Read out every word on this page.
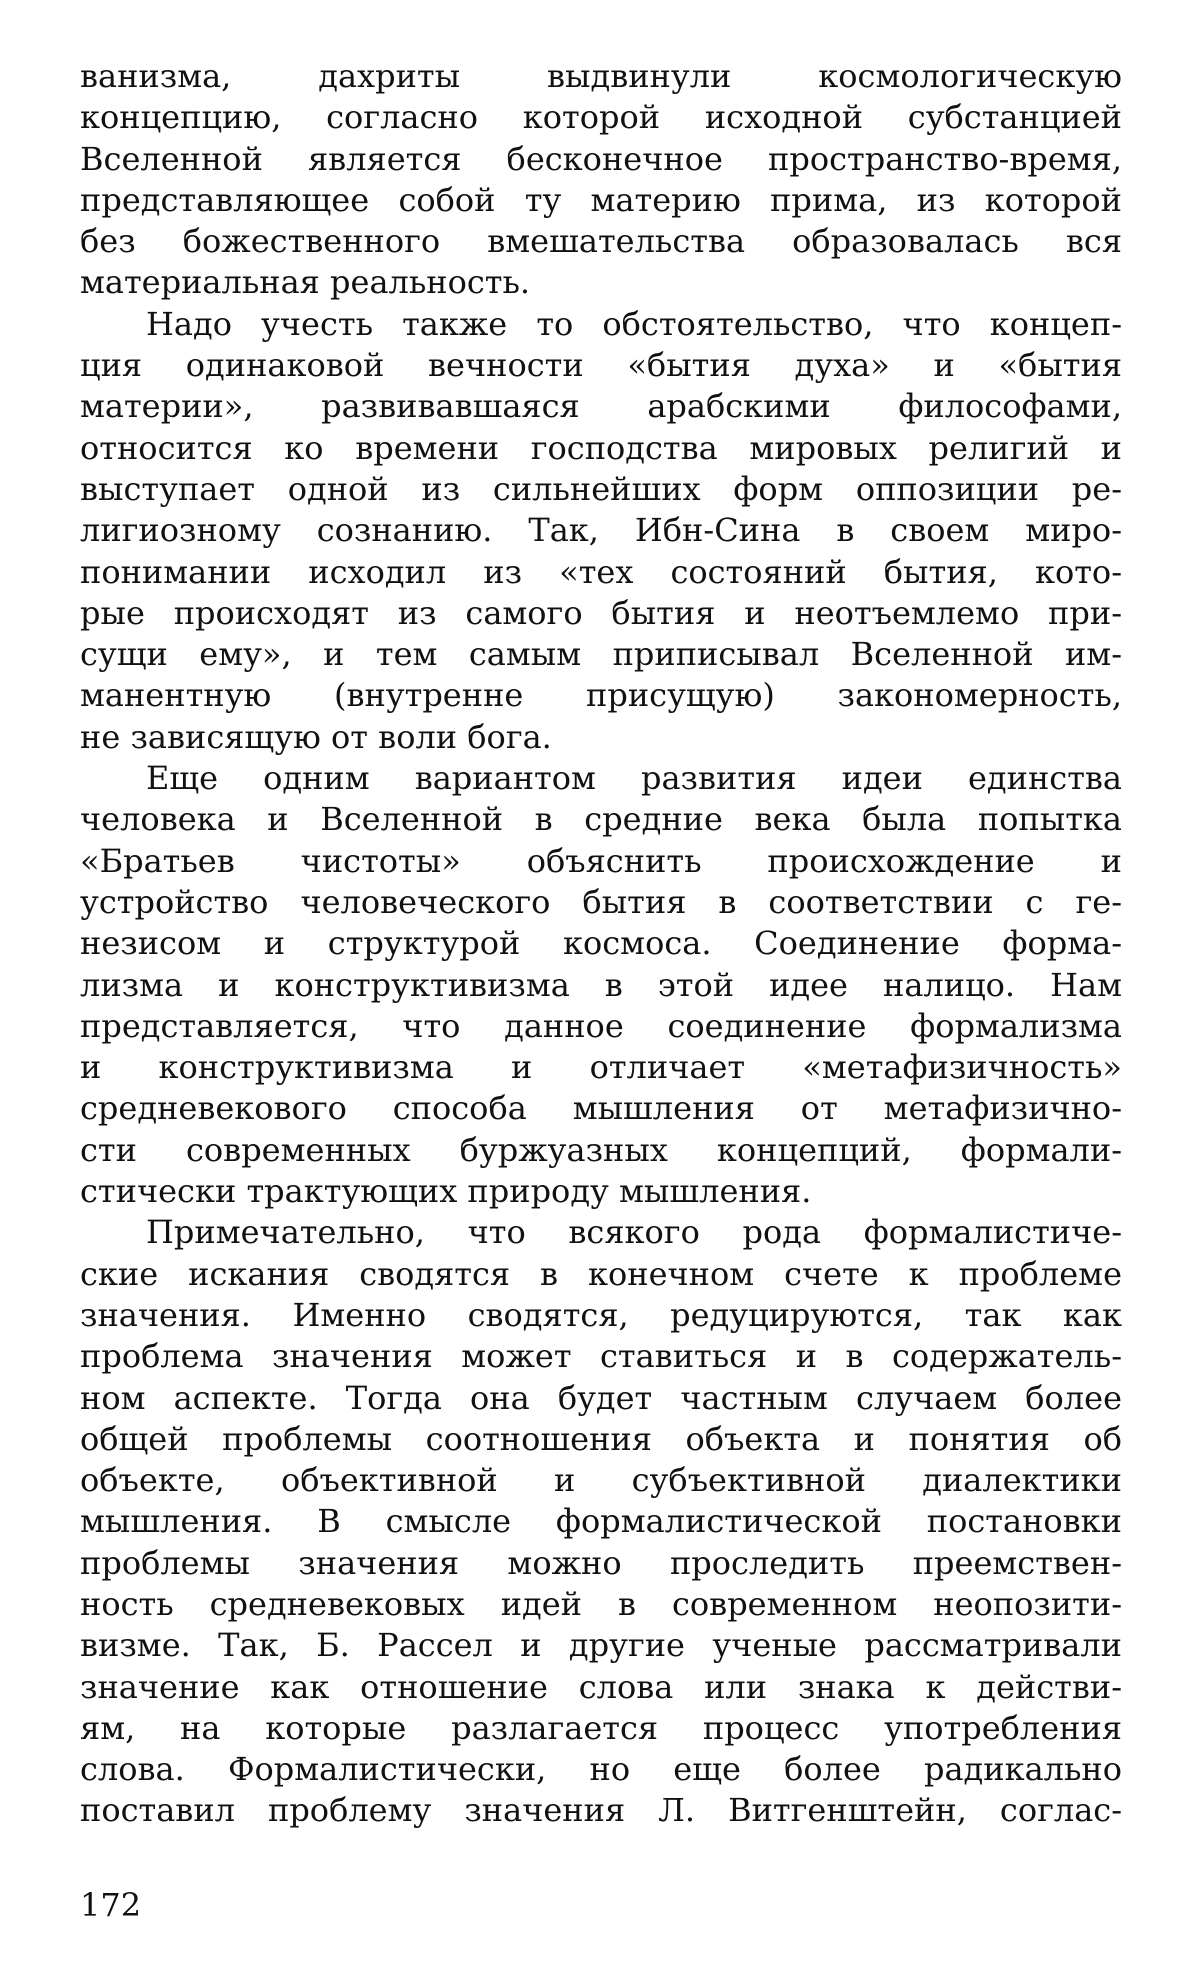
ванизма, дахриты выдвинули космологическую
концепцию, согласно которой исходной субстанцией
Вселенной является бесконечное пространство-время,
представляющее собой ту материю прима, из которой
без божественного вмешательства образовалась вся
материальная реальность.
Надо учесть также то обстоятельство, что концеп-
ция одинаковой вечности «бытия духа» и «бытия
материи», развивавшаяся арабскими философами,
относится ко времени господства мировых религий и
выступает одной из сильнейших форм оппозиции ре-
лигиозному сознанию. Так, Ибн-Сина в своем миро-
понимании исходил из «тех состояний бытия, кото-
рые происходят из самого бытия и неотъемлемо при-
сущи ему», и тем самым приписывал Вселенной им-
манентную (внутренне присущую) закономерность,
не зависящую от воли бога.
Еще одним вариантом развития идеи единства
человека и Вселенной в средние века была попытка
«Братьев чистоты» объяснить происхождение и
устройство человеческого бытия в соответствии с ге-
незисом и структурой космоса. Соединение форма-
лизма и конструктивизма в этой идее налицо. Нам
представляется, что данное соединение формализма
и конструктивизма и отличает «метафизичность»
средневекового способа мышления от метафизично-
сти современных буржуазных концепций, формали-
стически трактующих природу мышления.
Примечательно, что всякого рода формалистиче-
ские искания сводятся в конечном счете к проблеме
значения. Именно сводятся, редуцируются, так как
проблема значения может ставиться и в содержатель-
ном аспекте. Тогда она будет частным случаем более
общей проблемы соотношения объекта и понятия об
объекте, объективной и субъективной диалектики
мышления. В смысле формалистической постановки
проблемы значения можно проследить преемствен-
ность средневековых идей в современном неопозити-
визме. Так, Б. Рассел и другие ученые рассматривали
значение как отношение слова или знака к действи-
ям, на которые разлагается процесс употребления
слова. Формалистически, но еще более радикально
поставил проблему значения Л. Витгенштейн, соглас-
172
